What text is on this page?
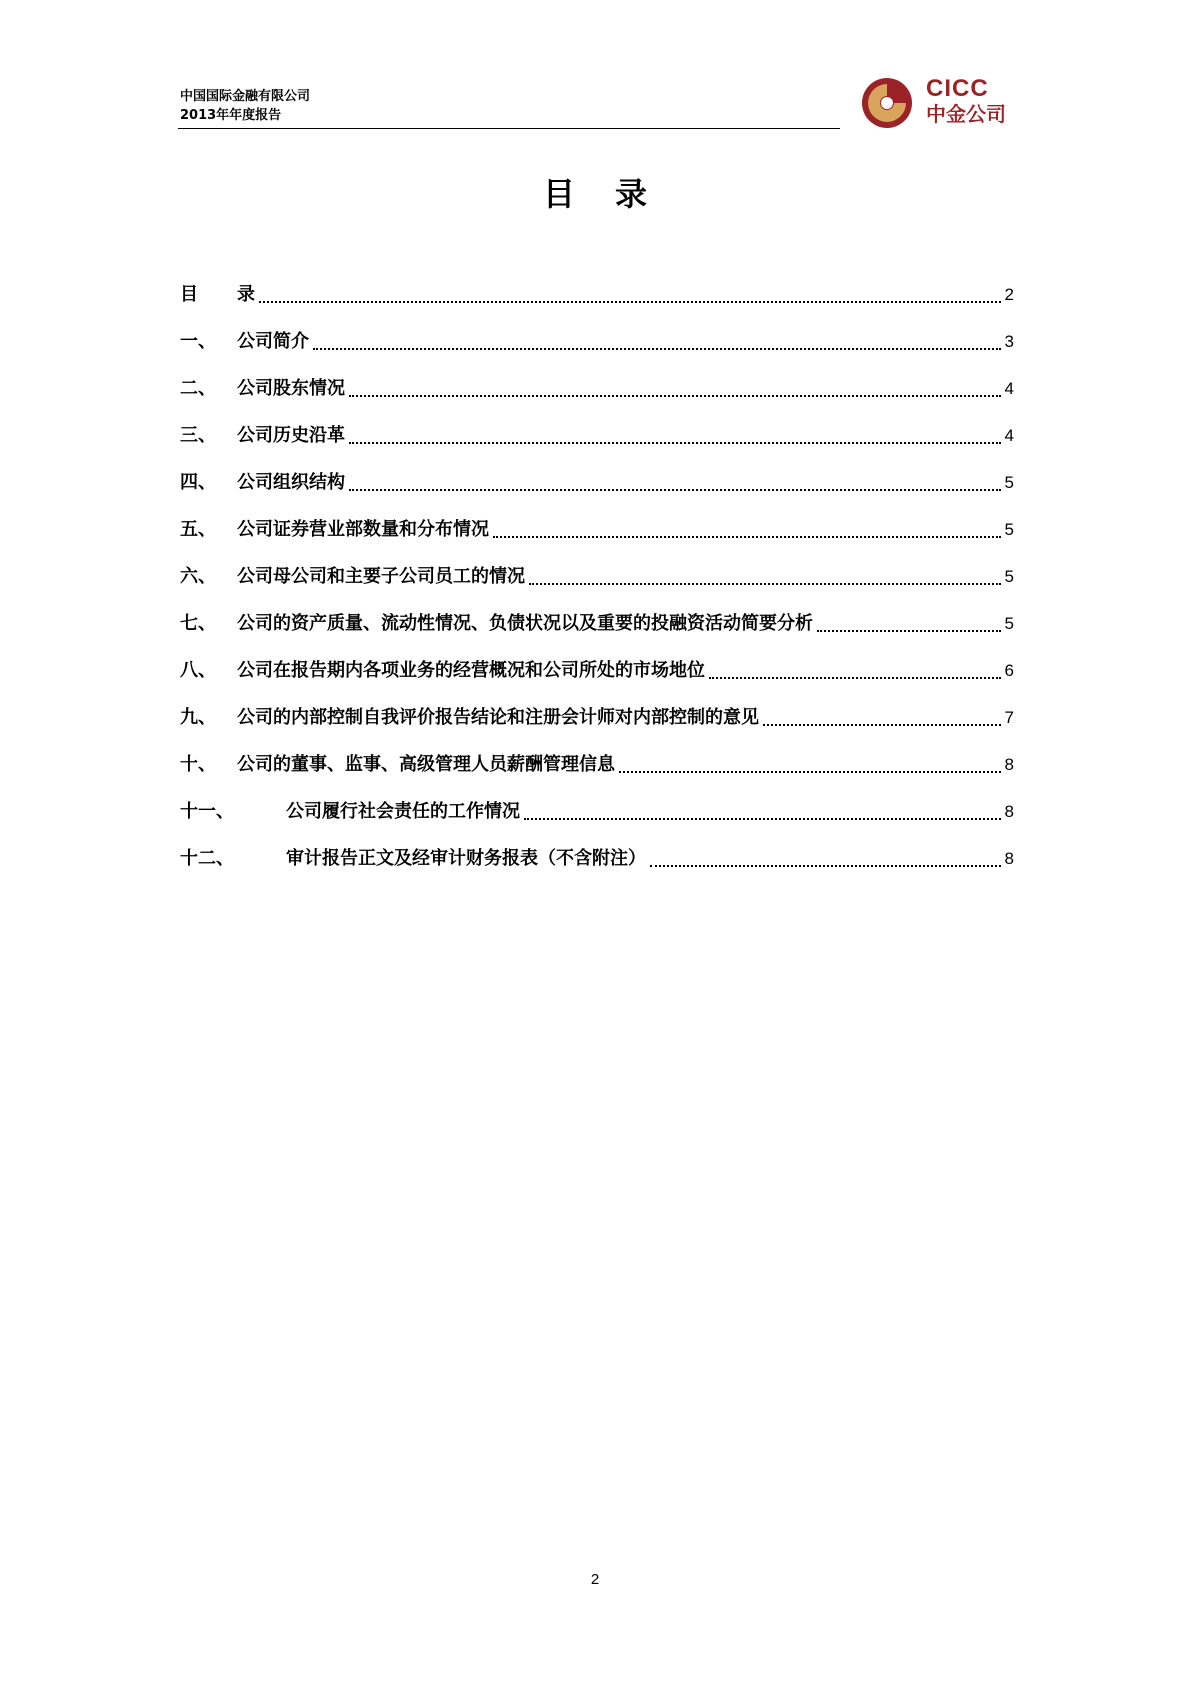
中国国际金融有限公司
2013年年度报告
CICC
中金公司
目录
目	录	2
一、	公司简介	3
二、	公司股东情况	4
三、	公司历史沿革	4
四、	公司组织结构	5
五、	公司证券营业部数量和分布情况	5
六、	公司母公司和主要子公司员工的情况	5
七、	公司的资产质量、流动性情况、负债状况以及重要的投融资活动简要分析	5
八、	公司在报告期内各项业务的经营概况和公司所处的市场地位	6
九、	公司的内部控制自我评价报告结论和注册会计师对内部控制的意见	7
十、	公司的董事、监事、高级管理人员薪酬管理信息	8
十一、	公司履行社会责任的工作情况	8
十二、	审计报告正文及经审计财务报表（不含附注）	8
2
